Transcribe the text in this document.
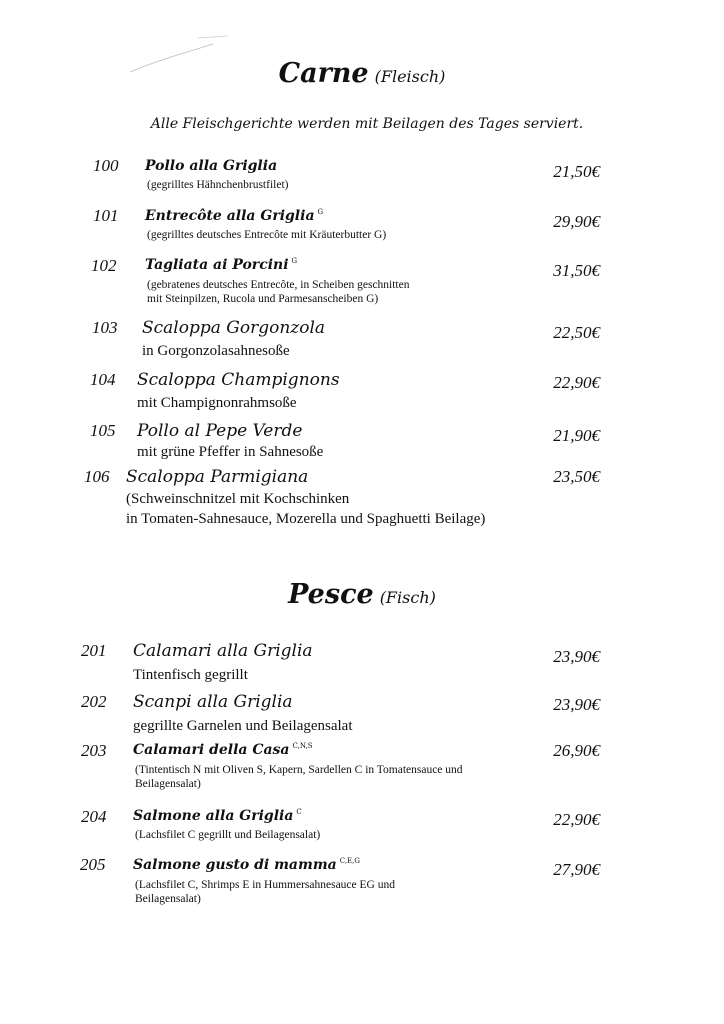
Carne (Fleisch)
Alle Fleischgerichte werden mit Beilagen des Tages serviert.
100 Pollo alla Griglia
(gegrilltes Hähnchenbrustfilet)
21,50€
101 Entrecôte alla Griglia $^G$
(gegrilltes deutsches Entrecôte mit Kräuterbutter G)
29,90€
102 Tagliata ai Porcini $^G$
(gebratenes deutsches Entrecôte, in Scheiben geschnitten
mit Steinpilzen, Rucola und Parmesanscheiben G)
31,50€
103 Scaloppa Gorgonzola
in Gorgonzolasahnesoße
22,50€
104 Scaloppa Champignons
mit Champignonrahmsoße
22,90€
105 Pollo al Pepe Verde
mit grüne Pfeffer in Sahnesoße
21,90€
106 Scaloppa Parmigiana
(Schweinschnitzel mit Kochschinken
in Tomaten-Sahnesauce, Mozerella und Spaghuetti Beilage)
23,50€
Pesce (Fisch)
201 Calamari alla Griglia
Tintenfisch gegrillt
23,90€
202 Scanpi alla Griglia
gegrillte Garnelen und Beilagensalat
23,90€
203 Calamari della Casa $^{C,N,S}$
(Tintentisch N mit Oliven S, Kapern, Sardellen C in Tomatensauce und
Beilagensalat)
26,90€
204 Salmone alla Griglia $^C$
(Lachsfilet C gegrillt und Beilagensalat)
22,90€
205 Salmone gusto di mamma $^{C,E,G}$
(Lachsfilet C, Shrimps E in Hummersahnesauce EG und
Beilagensalat)
27,90€
